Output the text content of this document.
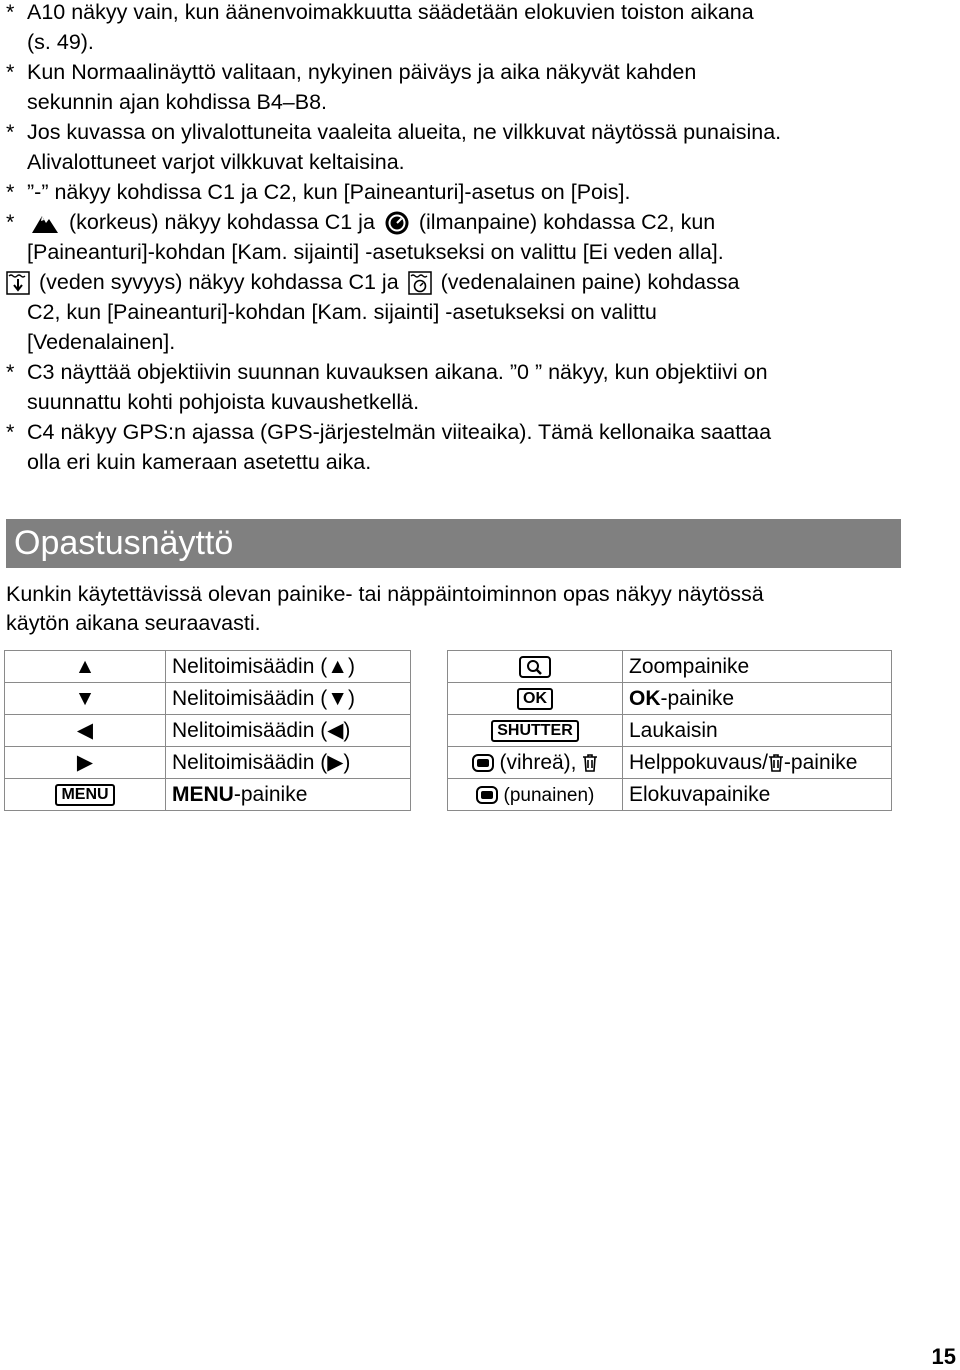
* A10 näkyy vain, kun äänenvoimakkuutta säädetään elokuvien toiston aikana
(s. 49).
* Kun Normaalinäyttö valitaan, nykyinen päiväys ja aika näkyvät kahden
sekunnin ajan kohdissa B4–B8.
* Jos kuvassa on ylivalottuneita vaaleita alueita, ne vilkkuvat näytössä punaisina.
Alivalottuneet varjot vilkkuvat keltaisina.
* ”-” näkyy kohdissa C1 ja C2, kun [Paineanturi]-asetus on [Pois].
*	(korkeus) näkyy kohdassa C1 ja (ilmanpaine) kohdassa C2, kun
[Paineanturi]-kohdan [Kam. sijainti] -asetukseksi on valittu [Ei veden alla].
(veden syvyys) näkyy kohdassa C1 ja (vedenalainen paine) kohdassa
C2, kun [Paineanturi]-kohdan [Kam. sijainti] -asetukseksi on valittu
[Vedenalainen].
* C3 näyttää objektiivin suunnan kuvauksen aikana. ”0 ” näkyy, kun objektiivi on
suunnattu kohti pohjoista kuvaushetkellä.
* C4 näkyy GPS:n ajassa (GPS-järjestelmän viiteaika). Tämä kellonaika saattaa
olla eri kuin kameraan asetettu aika.
Opastusnäyttö
Kunkin käytettävissä olevan painike- tai näppäintoiminnon opas näkyy näytössä
käytön aikana seuraavasti.
▲	Nelitoimisäädin (▲)
▼	Nelitoimisäädin (▼)
◀	Nelitoimisäädin (◀)
▶	Nelitoimisäädin (▶)
MENU	MENU-painike
	Zoompainike
OK	OK-painike
SHUTTER	Laukaisin
(vihreä),	Helppokuvaus/ -painike
(punainen)	Elokuvapainike
15
